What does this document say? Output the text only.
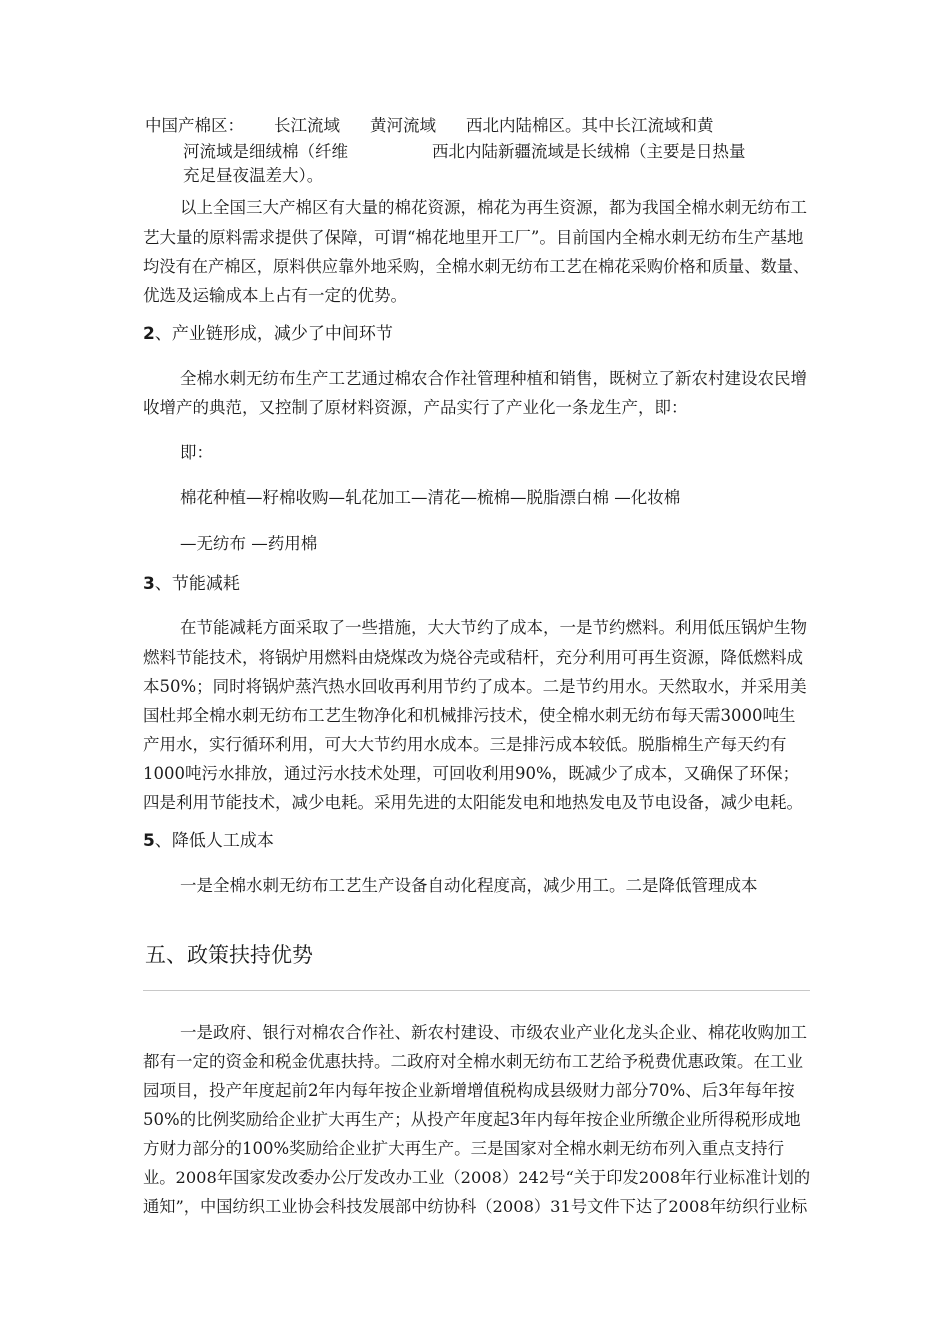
中国产棉区： 长江流域 黄河流域 西北内陆棉区。其中长江流域和黄
河流域是细绒棉（纤维	西北内陆新疆流域是长绒棉（主要是日热量
充足昼夜温差大）。
以上全国三大产棉区有大量的棉花资源，棉花为再生资源，都为我国全棉水刺无纺布工
艺大量的原料需求提供了保障，可谓“棉花地里开工厂”。目前国内全棉水刺无纺布生产基地
均没有在产棉区，原料供应靠外地采购，全棉水刺无纺布工艺在棉花采购价格和质量、数量、
优选及运输成本上占有一定的优势。
2、产业链形成，减少了中间环节
全棉水刺无纺布生产工艺通过棉农合作社管理种植和销售，既树立了新农村建设农民增
收增产的典范，又控制了原材料资源，产品实行了产业化一条龙生产，即：
即：
棉花种植—籽棉收购—轧花加工—清花—梳棉—脱脂漂白棉 —化妆棉
—无纺布 —药用棉
3、节能减耗
在节能减耗方面采取了一些措施，大大节约了成本，一是节约燃料。利用低压锅炉生物
燃料节能技术，将锅炉用燃料由烧煤改为烧谷壳或秸杆，充分利用可再生资源，降低燃料成
本50%；同时将锅炉蒸汽热水回收再利用节约了成本。二是节约用水。天然取水，并采用美
国杜邦全棉水刺无纺布工艺生物净化和机械排污技术，使全棉水刺无纺布每天需3000吨生
产用水，实行循环利用，可大大节约用水成本。三是排污成本较低。脱脂棉生产每天约有
1000吨污水排放，通过污水技术处理，可回收利用90%，既减少了成本，又确保了环保；
四是利用节能技术，减少电耗。采用先进的太阳能发电和地热发电及节电设备，减少电耗。
5、降低人工成本
一是全棉水刺无纺布工艺生产设备自动化程度高，减少用工。二是降低管理成本
五、政策扶持优势
一是政府、银行对棉农合作社、新农村建设、市级农业产业化龙头企业、棉花收购加工
都有一定的资金和税金优惠扶持。二政府对全棉水刺无纺布工艺给予税费优惠政策。在工业
园项目，投产年度起前2年内每年按企业新增增值税构成县级财力部分70%、后3年每年按
50%的比例奖励给企业扩大再生产；从投产年度起3年内每年按企业所缴企业所得税形成地
方财力部分的100%奖励给企业扩大再生产。三是国家对全棉水刺无纺布列入重点支持行
业。2008年国家发改委办公厅发改办工业（2008）242号“关于印发2008年行业标准计划的
通知”，中国纺织工业协会科技发展部中纺协科（2008）31号文件下达了2008年纺织行业标
